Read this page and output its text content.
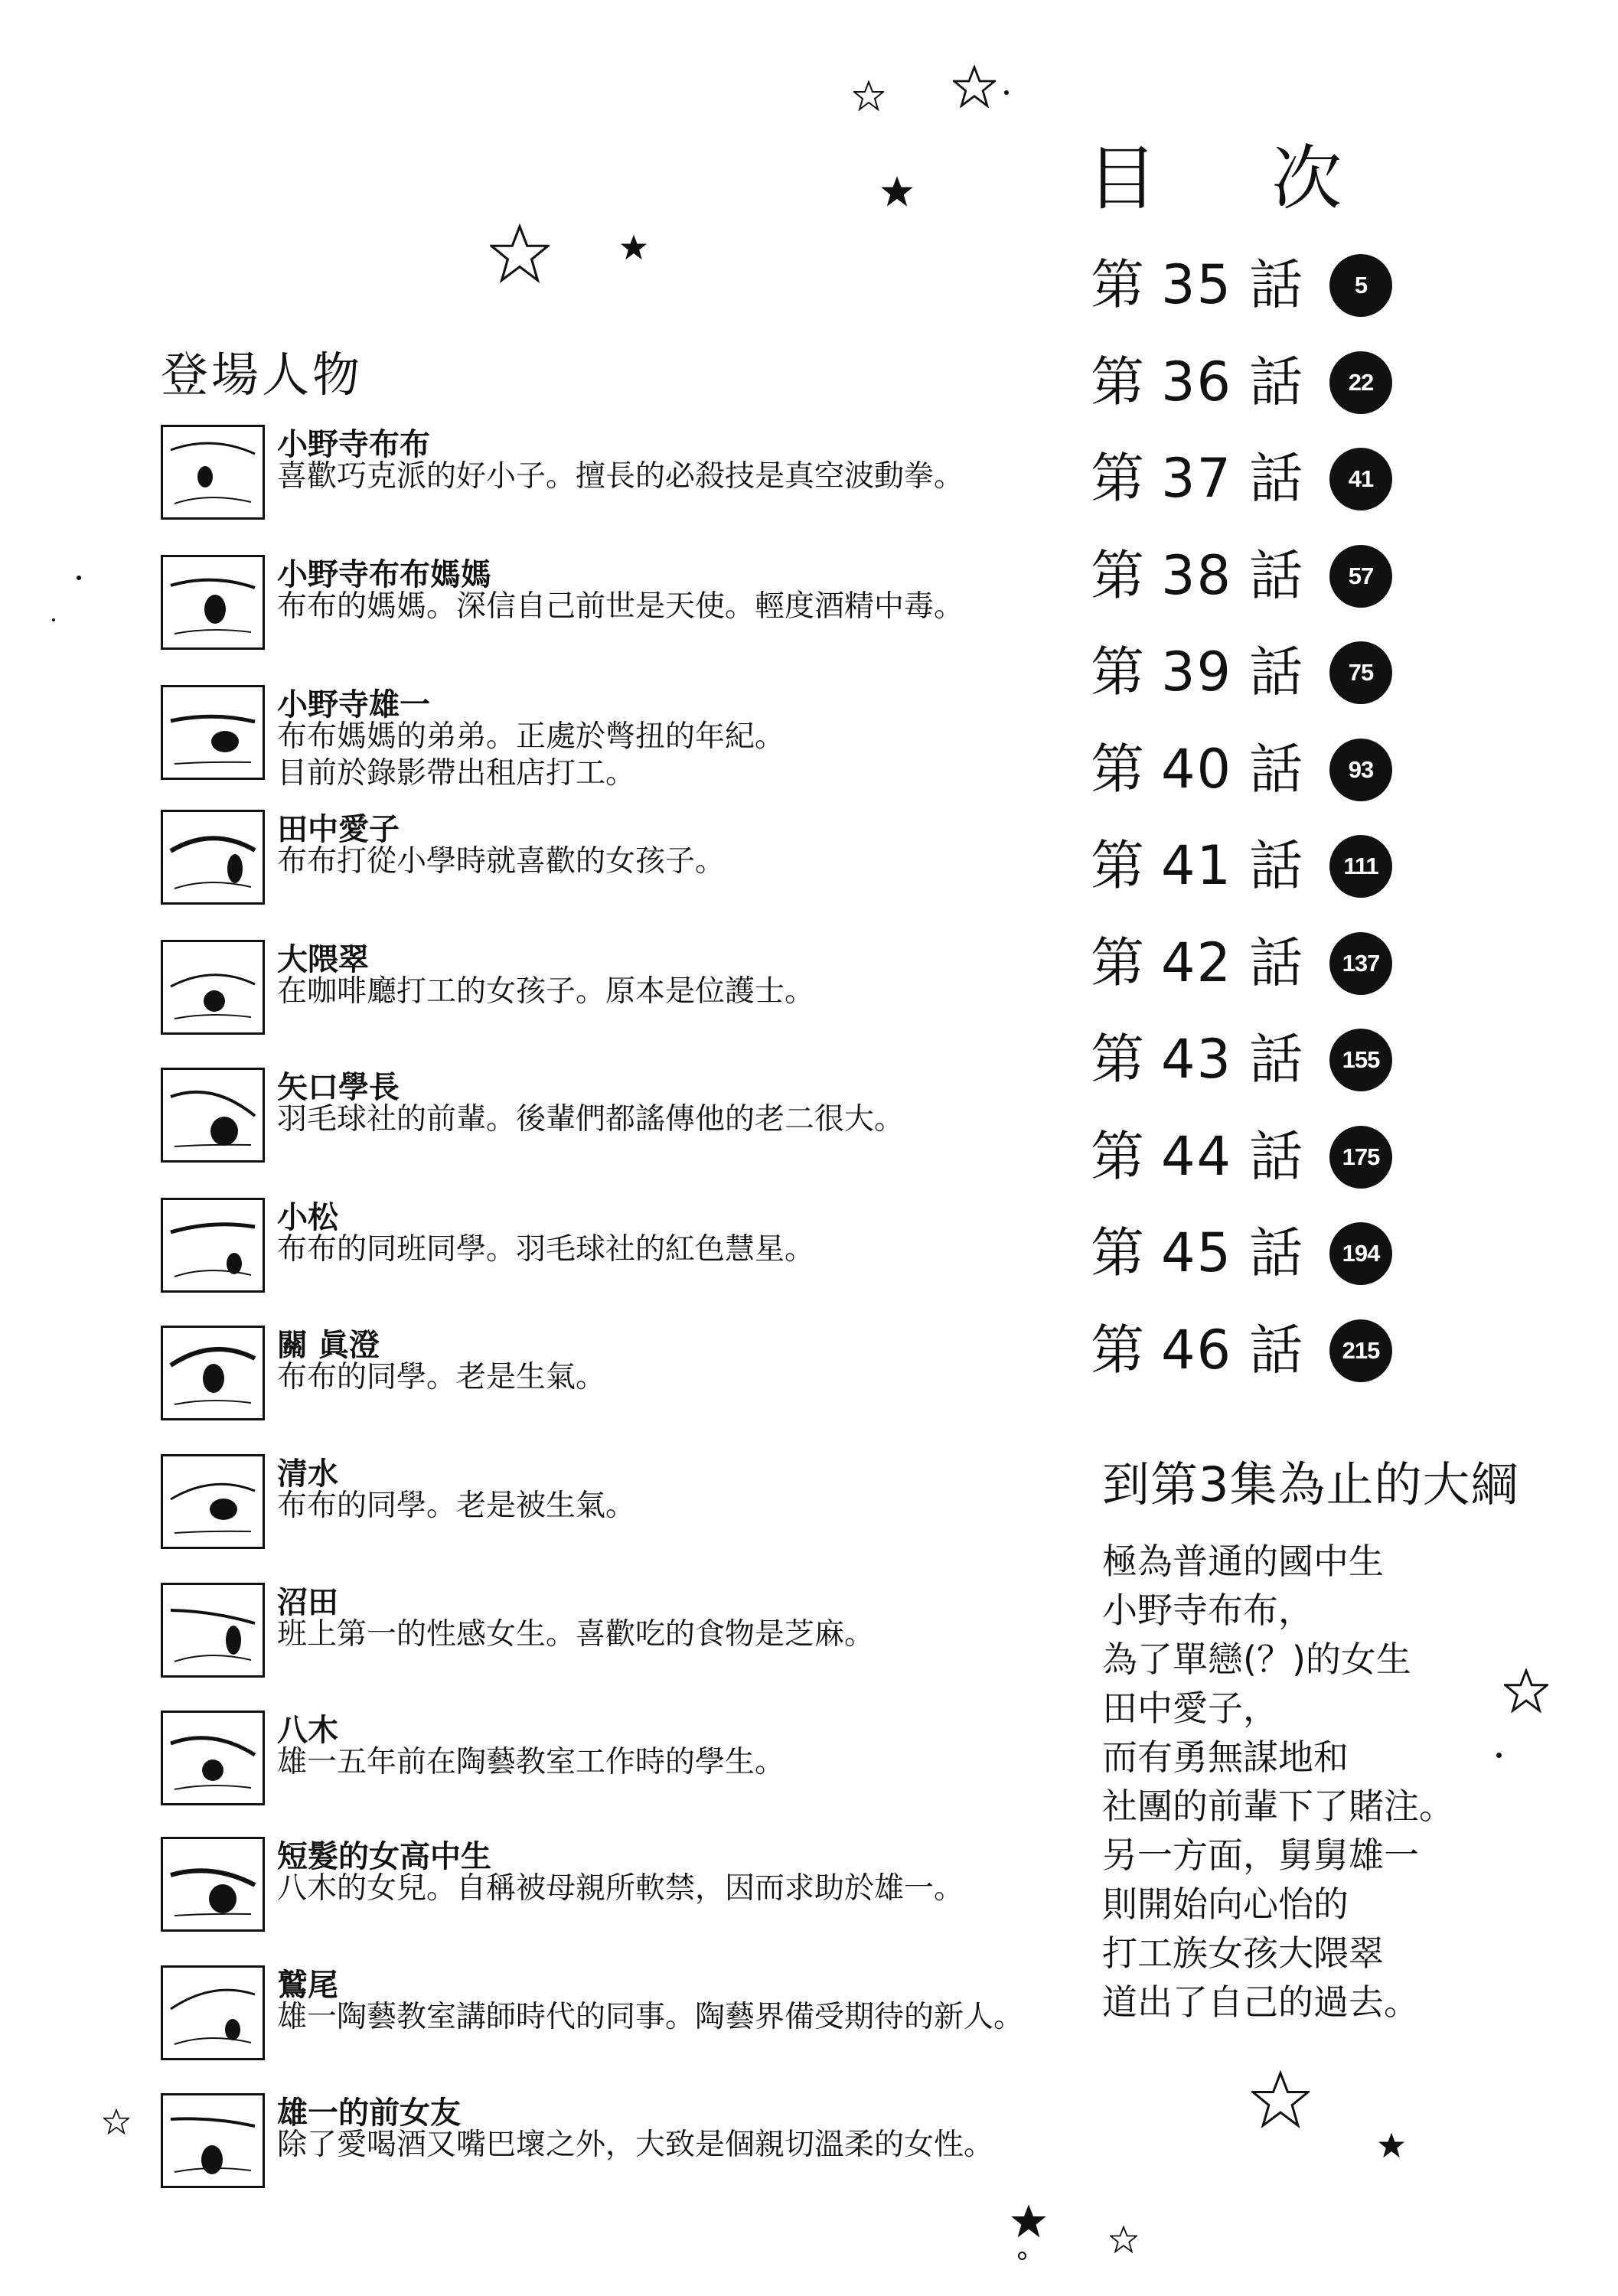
登場人物
小野寺布布
喜歡巧克派的好小子。擅長的必殺技是真空波動拳。
小野寺布布媽媽
布布的媽媽。深信自己前世是天使。輕度酒精中毒。
小野寺雄一
布布媽媽的弟弟。正處於彆扭的年紀。
目前於錄影帶出租店打工。
田中愛子
布布打從小學時就喜歡的女孩子。
大隈翠
在咖啡廳打工的女孩子。原本是位護士。
矢口學長
羽毛球社的前輩。後輩們都謠傳他的老二很大。
小松
布布的同班同學。羽毛球社的紅色慧星。
關 眞澄
布布的同學。老是生氣。
清水
布布的同學。老是被生氣。
沼田
班上第一的性感女生。喜歡吃的食物是芝麻。
八木
雄一五年前在陶藝教室工作時的學生。
短髮的女高中生
八木的女兒。自稱被母親所軟禁，因而求助於雄一。
鷲尾
雄一陶藝教室講師時代的同事。陶藝界備受期待的新人。
雄一的前女友
除了愛喝酒又嘴巴壞之外，大致是個親切溫柔的女性。
目 次
第 35 話	5
第 36 話	22
第 37 話	41
第 38 話	57
第 39 話	75
第 40 話	93
第 41 話	111
第 42 話	137
第 43 話	155
第 44 話	175
第 45 話	194
第 46 話	215
到第3集為止的大綱
極為普通的國中生
小野寺布布，
為了單戀(？)的女生
田中愛子，
而有勇無謀地和
社團的前輩下了賭注。
另一方面，舅舅雄一
則開始向心怡的
打工族女孩大隈翠
道出了自己的過去。
